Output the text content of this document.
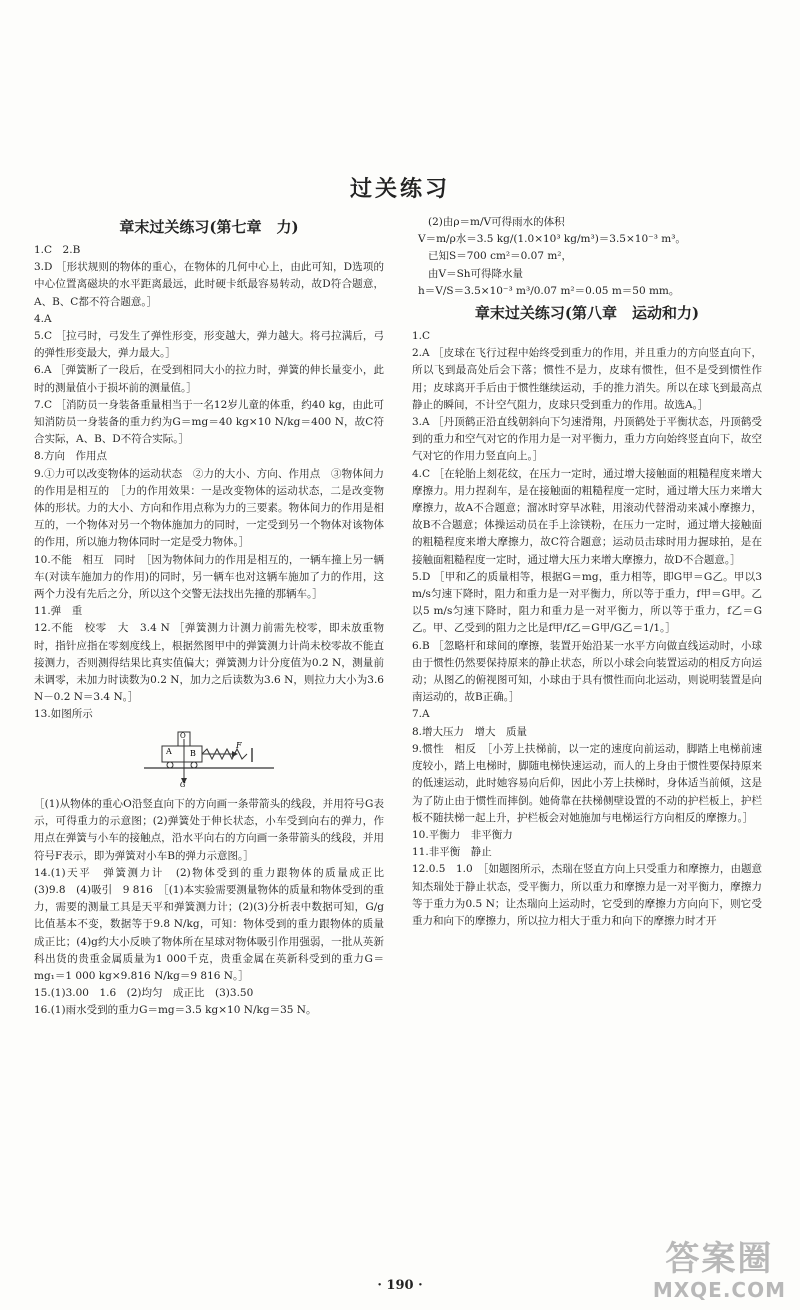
过关练习
章末过关练习(第七章　力)

1.C　2.B

3.D ［形状规则的物体的重心，在物体的几何中心上，由此可知，D选项的中心位置离磁块的水平距离最远，此时硬卡纸最容易转动，故D符合题意，A、B、C都不符合题意。］

4.A

5.C ［拉弓时，弓发生了弹性形变，形变越大，弹力越大。将弓拉满后，弓的弹性形变最大，弹力最大。］

6.A ［弹簧断了一段后，在受到相同大小的拉力时，弹簧的伸长量变小，此时的测量值小于损坏前的测量值。］

7.C ［消防员一身装备重量相当于一名12岁儿童的体重，约40 kg，由此可知消防员一身装备的重力约为G＝mg＝40 kg×10 N/kg＝400 N，故C符合实际，A、B、D不符合实际。］

8.方向　作用点

9.①力可以改变物体的运动状态　②力的大小、方向、作用点　③物体间力的作用是相互的　［力的作用效果：一是改变物体的运动状态，二是改变物体的形状。力的大小、方向和作用点称为力的三要素。物体间力的作用是相互的，一个物体对另一个物体施加力的同时，一定受到另一个物体对该物体的作用，所以施力物体同时一定是受力物体。］

10.不能　相互　同时　［因为物体间力的作用是相互的，一辆车撞上另一辆车(对读车施加力的作用)的同时，另一辆车也对这辆车施加了力的作用，这两个力没有先后之分，所以这个交警无法找出先撞的那辆车。］

11.弹　重

12.不能　校零　大　3.4 N ［弹簧测力计测力前需先校零，即未放重物时，指针应指在零刻度线上，根据然图甲中的弹簧测力计尚未校零故不能直接测力，否则测得结果比真实值偏大；弹簧测力计分度值为0.2 N，测量前未调零，未加力时读数为0.2 N，加力之后读数为3.6 N，则拉力大小为3.6 N－0.2 N＝3.4 N。］

13.如图所示

A B
O
F
G

［(1)从物体的重心O沿竖直向下的方向画一条带箭头的线段，并用符号G表示，可得重力的示意图；(2)弹簧处于伸长状态，小车受到向右的弹力，作用点在弹簧与小车的接触点，沿水平向右的方向画一条带箭头的线段，并用符号F表示，即为弹簧对小车B的弹力示意图。］

14.(1)天平　弹簧测力计　(2)物体受到的重力跟物体的质量成正比　(3)9.8　(4)吸引　9 816　［(1)本实验需要测量物体的质量和物体受到的重力，需要的测量工具是天平和弹簧测力计；(2)(3)分析表中数据可知，G/g比值基本不变，数据等于9.8 N/kg，可知：物体受到的重力跟物体的质量成正比；(4)g约大小反映了物体所在星球对物体吸引作用强弱，一批从英新科出货的贵重金属质量为1 000千克，贵重金属在英新科受到的重力G＝mg₁＝1 000 kg×9.816 N/kg＝9 816 N。］

15.(1)3.00　1.6　(2)均匀　成正比　(3)3.50

16.(1)雨水受到的重力G＝mg＝3.5 kg×10 N/kg＝35 N。

(2)由ρ＝m/V可得雨水的体积

V＝m/ρ水＝3.5 kg/(1.0×10³ kg/m³)＝3.5×10⁻³ m³。

已知S＝700 cm²＝0.07 m²，

由V＝Sh可得降水量

h＝V/S＝3.5×10⁻³ m³/0.07 m²＝0.05 m＝50 mm。

章末过关练习(第八章　运动和力)

1.C

2.A ［皮球在飞行过程中始终受到重力的作用，并且重力的方向竖直向下，所以飞到最高处后会下落；惯性不是力，皮球有惯性，但不是受到惯性作用；皮球离开手后由于惯性继续运动，手的推力消失。所以在球飞到最高点静止的瞬间，不计空气阻力，皮球只受到重力的作用。故选A。］

3.A ［丹顶鹤正沿直线朝斜向下匀速滑翔，丹顶鹤处于平衡状态，丹顶鹤受到的重力和空气对它的作用力是一对平衡力，重力方向始终竖直向下，故空气对它的作用力竖直向上。］

4.C ［在轮胎上刻花纹，在压力一定时，通过增大接触面的粗糙程度来增大摩擦力。用力捏刹车，是在接触面的粗糙程度一定时，通过增大压力来增大摩擦力，故A不合题意；溜冰时穿旱冰鞋，用滚动代替滑动来减小摩擦力，故B不合题意；体操运动员在手上涂镁粉，在压力一定时，通过增大接触面的粗糙程度来增大摩擦力，故C符合题意；运动员击球时用力握球拍，是在接触面粗糙程度一定时，通过增大压力来增大摩擦力，故D不合题意。］

5.D ［甲和乙的质量相等，根据G＝mg，重力相等，即G甲＝G乙。甲以3 m/s匀速下降时，阻力和重力是一对平衡力，所以等于重力，f甲＝G甲。乙以5 m/s匀速下降时，阻力和重力是一对平衡力，所以等于重力，f乙＝G乙。甲、乙受到的阻力之比是f甲/f乙＝G甲/G乙＝1/1。］

6.B ［忽略杆和球间的摩擦，装置开始沿某一水平方向做直线运动时，小球由于惯性仍然要保持原来的静止状态，所以小球会向装置运动的相反方向运动；从图乙的俯视图可知，小球由于具有惯性而向北运动，则说明装置是向南运动的，故B正确。］

7.A

8.增大压力　增大　质量

9.惯性　相反　［小芳上扶梯前，以一定的速度向前运动，脚踏上电梯前速度较小，踏上电梯时，脚随电梯快速运动，而人的上身由于惯性要保持原来的低速运动，此时她容易向后仰，因此小芳上扶梯时，身体适当前倾，这是为了防止由于惯性而摔倒。她倚靠在扶梯侧壁设置的不动的护栏板上，护栏板不随扶梯一起上升，护栏板会对她施加与电梯运行方向相反的摩擦力。］

10.平衡力　非平衡力

11.非平衡　静止

12.0.5　1.0　［如题图所示，杰瑞在竖直方向上只受重力和摩擦力，由题意知杰瑞处于静止状态，受平衡力，所以重力和摩擦力是一对平衡力，摩擦力等于重力为0.5 N；让杰瑞向上运动时，它受到的摩擦力方向向下，则它受重力和向下的摩擦力，所以拉力相大于重力和向下的摩擦力时才开

· 190 ·
答案圈
MXQE.COM
